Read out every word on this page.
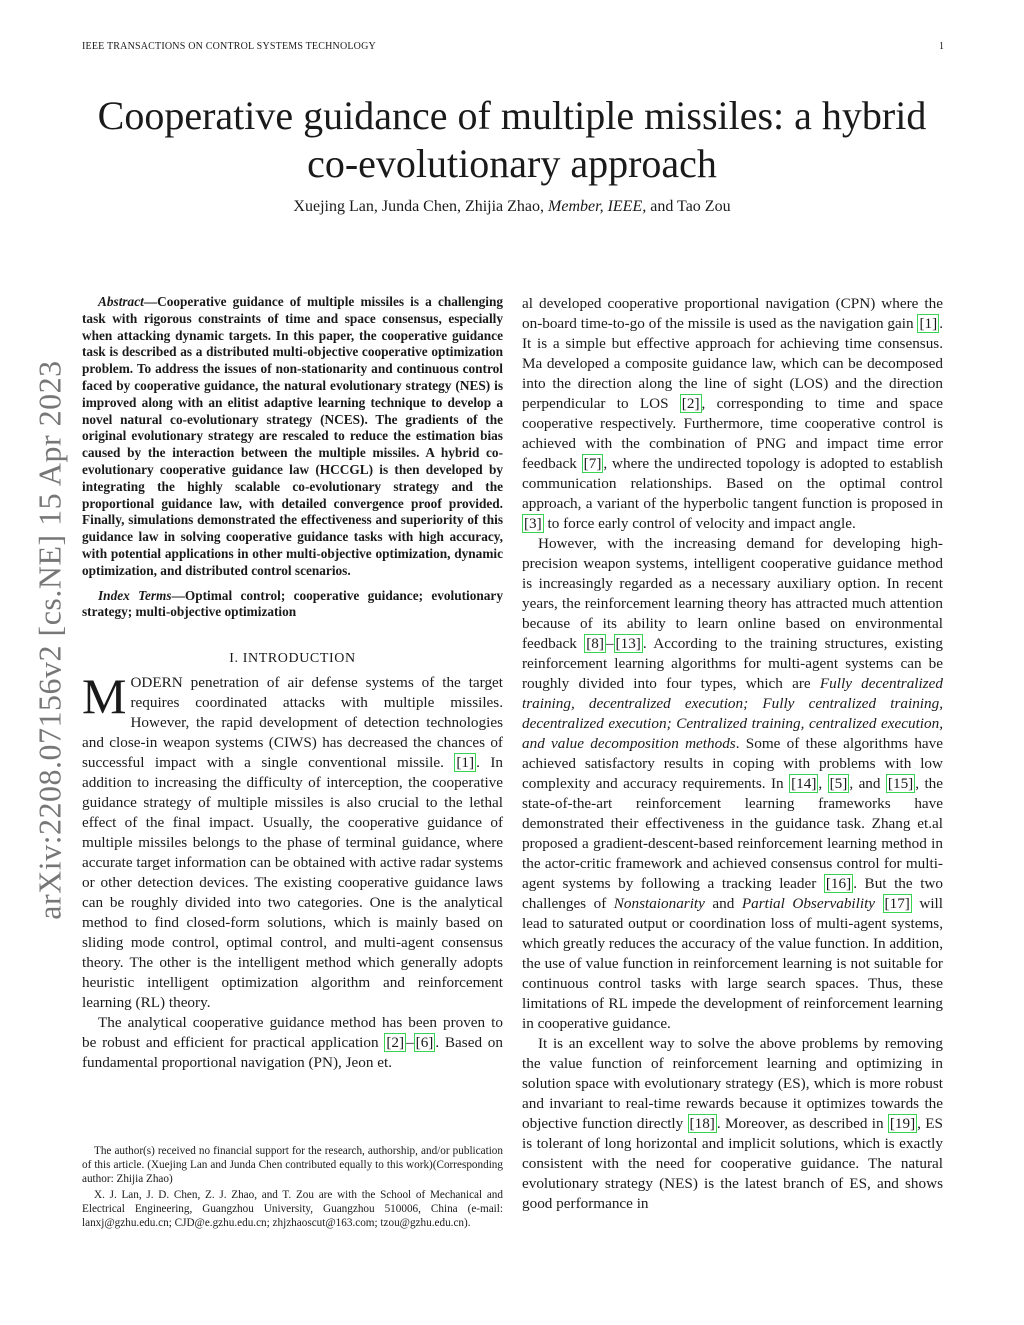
IEEE TRANSACTIONS ON CONTROL SYSTEMS TECHNOLOGY	1
arXiv:2208.07156v2 [cs.NE] 15 Apr 2023
Cooperative guidance of multiple missiles: a hybrid
co-evolutionary approach
Xuejing Lan, Junda Chen, Zhijia Zhao, Member, IEEE, and Tao Zou

Abstract—Cooperative guidance of multiple missiles is a challenging task with rigorous constraints of time and space consensus, especially when attacking dynamic targets. In this paper, the cooperative guidance task is described as a distributed multi-objective cooperative optimization problem. To address the issues of non-stationarity and continuous control faced by cooperative guidance, the natural evolutionary strategy (NES) is improved along with an elitist adaptive learning technique to develop a novel natural co-evolutionary strategy (NCES). The gradients of the original evolutionary strategy are rescaled to reduce the estimation bias caused by the interaction between the multiple missiles. A hybrid co-evolutionary cooperative guidance law (HCCGL) is then developed by integrating the highly scalable co-evolutionary strategy and the proportional guidance law, with detailed convergence proof provided. Finally, simulations demonstrated the effectiveness and superiority of this guidance law in solving cooperative guidance tasks with high accuracy, with potential applications in other multi-objective optimization, dynamic optimization, and distributed control scenarios.

Index Terms—Optimal control; cooperative guidance; evolutionary strategy; multi-objective optimization

I. INTRODUCTION

MODERN penetration of air defense systems of the target requires coordinated attacks with multiple missiles. However, the rapid development of detection technologies and close-in weapon systems (CIWS) has decreased the chances of successful impact with a single conventional missile. [1] . In addition to increasing the difficulty of interception, the cooperative guidance strategy of multiple missiles is also crucial to the lethal effect of the final impact. Usually, the cooperative guidance of multiple missiles belongs to the phase of terminal guidance, where accurate target information can be obtained with active radar systems or other detection devices. The existing cooperative guidance laws can be roughly divided into two categories. One is the analytical method to find closed-form solutions, which is mainly based on sliding mode control, optimal control, and multi-agent consensus theory. The other is the intelligent method which generally adopts heuristic intelligent optimization algorithm and reinforcement learning (RL) theory.

The analytical cooperative guidance method has been proven to be robust and efficient for practical application [2] – [6] . Based on fundamental proportional navigation (PN), Jeon et.

The author(s) received no financial support for the research, authorship, and/or publication of this article. (Xuejing Lan and Junda Chen contributed equally to this work)(Corresponding author: Zhijia Zhao)

X. J. Lan, J. D. Chen, Z. J. Zhao, and T. Zou are with the School of Mechanical and Electrical Engineering, Guangzhou University, Guangzhou 510006, China (e-mail: lanxj@gzhu.edu.cn; CJD@e.gzhu.edu.cn; zhjzhaoscut@163.com; tzou@gzhu.edu.cn).

al developed cooperative proportional navigation (CPN) where the on-board time-to-go of the missile is used as the navigation gain [1] . It is a simple but effective approach for achieving time consensus. Ma developed a composite guidance law, which can be decomposed into the direction along the line of sight (LOS) and the direction perpendicular to LOS [2] , corresponding to time and space cooperative respectively. Furthermore, time cooperative control is achieved with the combination of PNG and impact time error feedback [7] , where the undirected topology is adopted to establish communication relationships. Based on the optimal control approach, a variant of the hyperbolic tangent function is proposed in [3] to force early control of velocity and impact angle.

However, with the increasing demand for developing high-precision weapon systems, intelligent cooperative guidance method is increasingly regarded as a necessary auxiliary option. In recent years, the reinforcement learning theory has attracted much attention because of its ability to learn online based on environmental feedback [8] – [13] . According to the training structures, existing reinforcement learning algorithms for multi-agent systems can be roughly divided into four types, which are Fully decentralized training, decentralized execution; Fully centralized training, decentralized execution; Centralized training, centralized execution, and value decomposition methods. Some of these algorithms have achieved satisfactory results in coping with problems with low complexity and accuracy requirements. In [14] , [5] , and [15] , the state-of-the-art reinforcement learning frameworks have demonstrated their effectiveness in the guidance task. Zhang et.al proposed a gradient-descent-based reinforcement learning method in the actor-critic framework and achieved consensus control for multi-agent systems by following a tracking leader [16] . But the two challenges of Nonstaionarity and Partial Observability [17] will lead to saturated output or coordination loss of multi-agent systems, which greatly reduces the accuracy of the value function. In addition, the use of value function in reinforcement learning is not suitable for continuous control tasks with large search spaces. Thus, these limitations of RL impede the development of reinforcement learning in cooperative guidance.

It is an excellent way to solve the above problems by removing the value function of reinforcement learning and optimizing in solution space with evolutionary strategy (ES), which is more robust and invariant to real-time rewards because it optimizes towards the objective function directly [18] . Moreover, as described in [19] , ES is tolerant of long horizontal and implicit solutions, which is exactly consistent with the need for cooperative guidance. The natural evolutionary strategy (NES) is the latest branch of ES, and shows good performance in
